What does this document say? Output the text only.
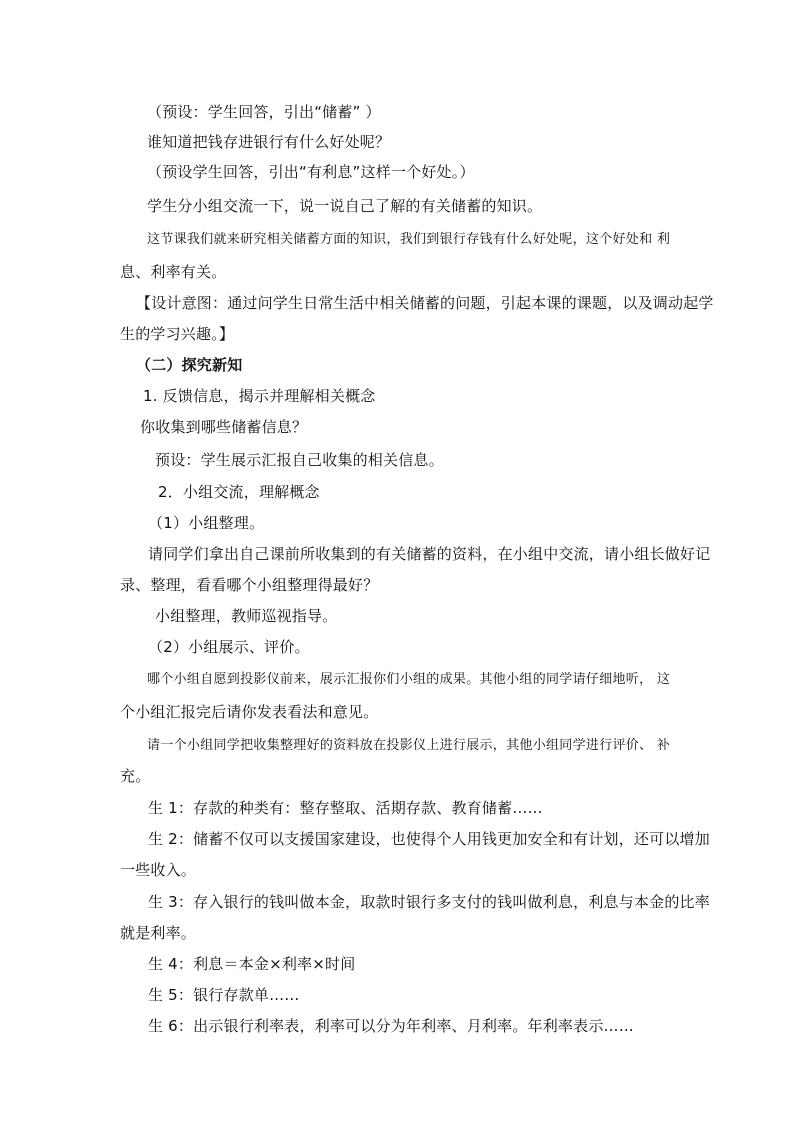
（预设：学生回答，引出“储蓄” ）
谁知道把钱存进银行有什么好处呢？
（预设学生回答，引出“有利息”这样一个好处。）
学生分小组交流一下，说一说自己了解的有关储蓄的知识。
这节课我们就来研究相关储蓄方面的知识，我们到银行存钱有什么好处呢，这个好处和 利
息、利率有关。
【设计意图：通过问学生日常生活中相关储蓄的问题，引起本课的课题，以及调动起学
生的学习兴趣。】
（二）探究新知
1. 反馈信息，揭示并理解相关概念
你收集到哪些储蓄信息？
预设：学生展示汇报自己收集的相关信息。
2．小组交流，理解概念
（1）小组整理。
请同学们拿出自己课前所收集到的有关储蓄的资料，在小组中交流，请小组长做好记
录、整理，看看哪个小组整理得最好？
小组整理，教师巡视指导。
（2）小组展示、评价。
哪个小组自愿到投影仪前来，展示汇报你们小组的成果。其他小组的同学请仔细地听， 这
个小组汇报完后请你发表看法和意见。
请一个小组同学把收集整理好的资料放在投影仪上进行展示，其他小组同学进行评价、 补
充。
生 1：存款的种类有：整存整取、活期存款、教育储蓄……
生 2：储蓄不仅可以支援国家建设，也使得个人用钱更加安全和有计划，还可以增加
一些收入。
生 3：存入银行的钱叫做本金，取款时银行多支付的钱叫做利息，利息与本金的比率
就是利率。
生 4：利息＝本金×利率×时间
生 5：银行存款单……
生 6：出示银行利率表，利率可以分为年利率、月利率。年利率表示……
